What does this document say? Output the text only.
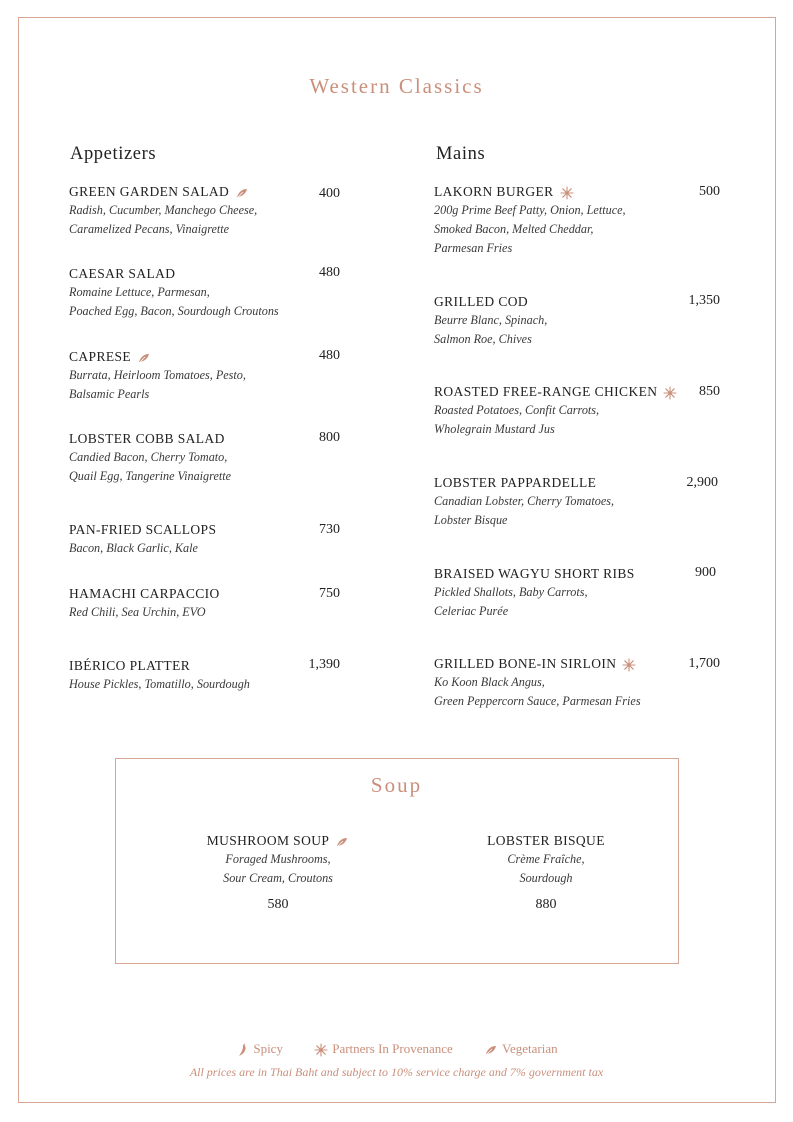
Western Classics
Appetizers
GREEN GARDEN SALAD
Radish, Cucumber, Manchego Cheese,
Caramelized Pecans, Vinaigrette
400
CAESAR SALAD
Romaine Lettuce, Parmesan,
Poached Egg, Bacon, Sourdough Croutons
480
CAPRESE
Burrata, Heirloom Tomatoes, Pesto,
Balsamic Pearls
480
LOBSTER COBB SALAD
Candied Bacon, Cherry Tomato,
Quail Egg, Tangerine Vinaigrette
800
PAN-FRIED SCALLOPS
Bacon, Black Garlic, Kale
730
HAMACHI CARPACCIO
Red Chili, Sea Urchin, EVO
750
IBÉRICO PLATTER
House Pickles, Tomatillo, Sourdough
1,390
Mains
LAKORN BURGER
200g Prime Beef Patty, Onion, Lettuce,
Smoked Bacon, Melted Cheddar,
Parmesan Fries
500
GRILLED COD
Beurre Blanc, Spinach,
Salmon Roe, Chives
1,350
ROASTED FREE-RANGE CHICKEN
Roasted Potatoes, Confit Carrots,
Wholegrain Mustard Jus
850
LOBSTER PAPPARDELLE
Canadian Lobster, Cherry Tomatoes,
Lobster Bisque
2,900
BRAISED WAGYU SHORT RIBS
Pickled Shallots, Baby Carrots,
Celeriac Purée
900
GRILLED BONE-IN SIRLOIN
Ko Koon Black Angus,
Green Peppercorn Sauce, Parmesan Fries
1,700
Soup
MUSHROOM SOUP
Foraged Mushrooms,
Sour Cream, Croutons
580
LOBSTER BISQUE
Crème Fraîche,
Sourdough
880
Spicy	Partners In Provenance	Vegetarian
All prices are in Thai Baht and subject to 10% service charge and 7% government tax
